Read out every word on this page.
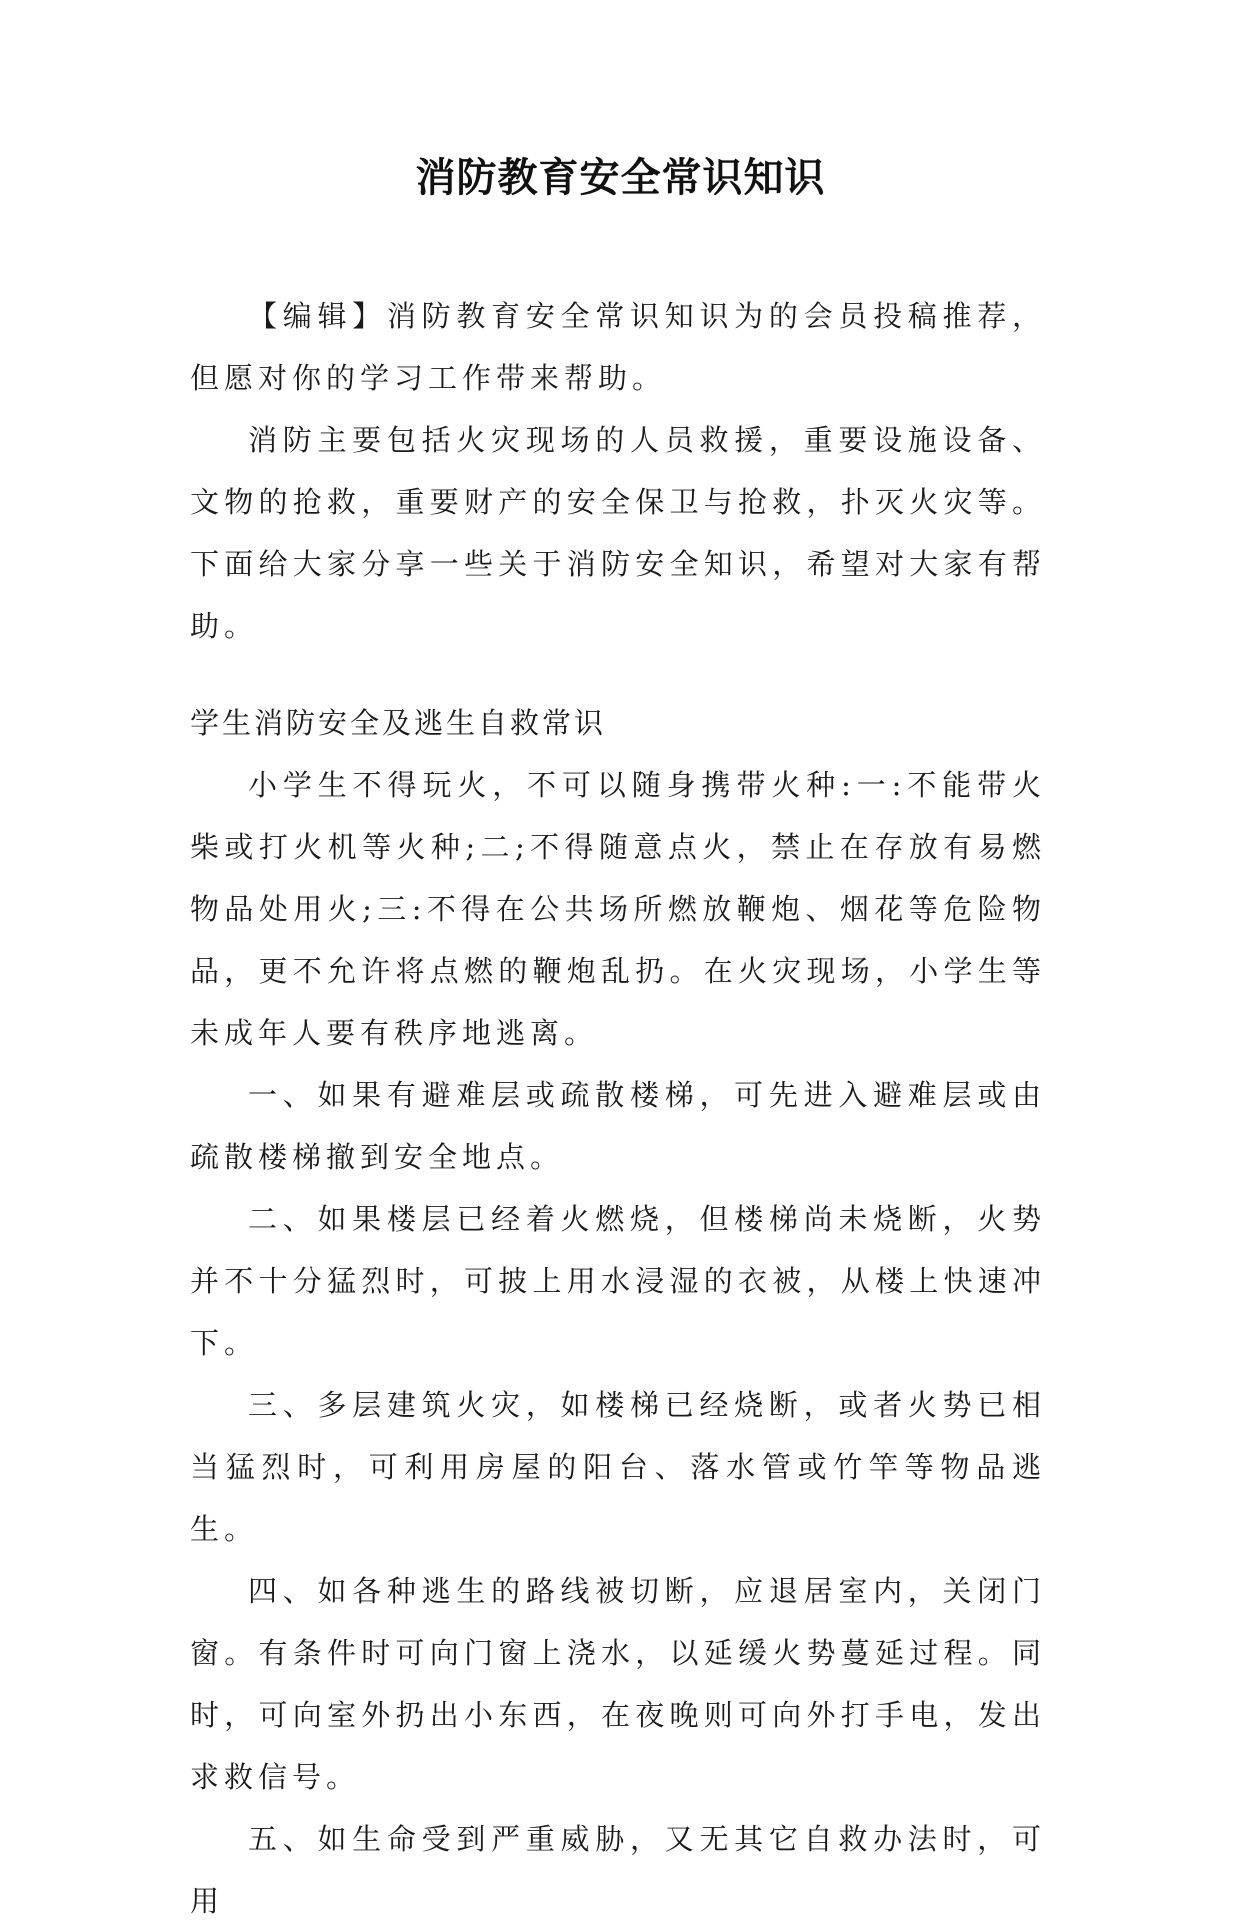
消防教育安全常识知识

【编辑】消防教育安全常识知识为的会员投稿推荐，但愿对你的学习工作带来帮助。

消防主要包括火灾现场的人员救援，重要设施设备、文物的抢救，重要财产的安全保卫与抢救，扑灭火灾等。下面给大家分享一些关于消防安全知识，希望对大家有帮助。

学生消防安全及逃生自救常识

小学生不得玩火，不可以随身携带火种:一:不能带火柴或打火机等火种;二;不得随意点火，禁止在存放有易燃物品处用火;三:不得在公共场所燃放鞭炮、烟花等危险物品，更不允许将点燃的鞭炮乱扔。在火灾现场，小学生等未成年人要有秩序地逃离。

一、如果有避难层或疏散楼梯，可先进入避难层或由疏散楼梯撤到安全地点。

二、如果楼层已经着火燃烧，但楼梯尚未烧断，火势并不十分猛烈时，可披上用水浸湿的衣被，从楼上快速冲下。

三、多层建筑火灾，如楼梯已经烧断，或者火势已相当猛烈时，可利用房屋的阳台、落水管或竹竿等物品逃生。

四、如各种逃生的路线被切断，应退居室内，关闭门窗。有条件时可向门窗上浇水，以延缓火势蔓延过程。同时，可向室外扔出小东西，在夜晚则可向外打手电，发出求救信号。

五、如生命受到严重威胁，又无其它自救办法时，可用
